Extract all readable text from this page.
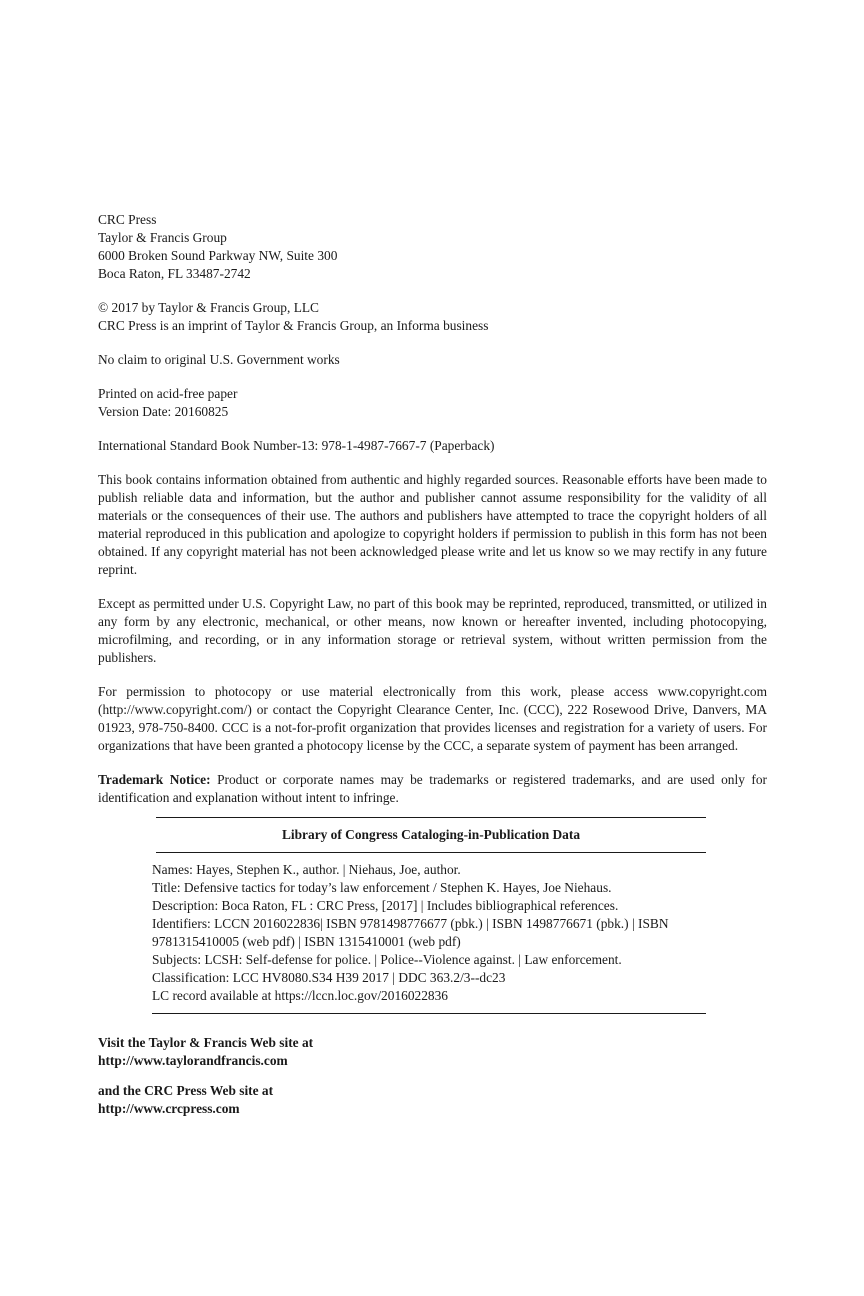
CRC Press
Taylor & Francis Group
6000 Broken Sound Parkway NW, Suite 300
Boca Raton, FL 33487-2742
© 2017 by Taylor & Francis Group, LLC
CRC Press is an imprint of Taylor & Francis Group, an Informa business
No claim to original U.S. Government works
Printed on acid-free paper
Version Date: 20160825
International Standard Book Number-13: 978-1-4987-7667-7 (Paperback)

This book contains information obtained from authentic and highly regarded sources. Reasonable efforts have been made to publish reliable data and information, but the author and publisher cannot assume responsibility for the validity of all materials or the consequences of their use. The authors and publishers have attempted to trace the copyright holders of all material reproduced in this publication and apologize to copyright holders if permission to publish in this form has not been obtained. If any copyright material has not been acknowledged please write and let us know so we may rectify in any future reprint.

Except as permitted under U.S. Copyright Law, no part of this book may be reprinted, reproduced, transmitted, or utilized in any form by any electronic, mechanical, or other means, now known or hereafter invented, including photocopying, microfilming, and recording, or in any information storage or retrieval system, without written permission from the publishers.

For permission to photocopy or use material electronically from this work, please access www.copyright.com (http://www.copyright.com/) or contact the Copyright Clearance Center, Inc. (CCC), 222 Rosewood Drive, Danvers, MA 01923, 978-750-8400. CCC is a not-for-profit organization that provides licenses and registration for a variety of users. For organizations that have been granted a photocopy license by the CCC, a separate system of payment has been arranged.

Trademark Notice: Product or corporate names may be trademarks or registered trademarks, and are used only for identification and explanation without intent to infringe.

Library of Congress Cataloging-in-Publication Data
Names: Hayes, Stephen K., author. | Niehaus, Joe, author.
Title: Defensive tactics for today’s law enforcement / Stephen K. Hayes, Joe Niehaus.
Description: Boca Raton, FL : CRC Press, [2017] | Includes bibliographical references.
Identifiers: LCCN 2016022836| ISBN 9781498776677 (pbk.) | ISBN 1498776671 (pbk.) | ISBN 9781315410005 (web pdf) | ISBN 1315410001 (web pdf)
Subjects: LCSH: Self-defense for police. | Police--Violence against. | Law enforcement.
Classification: LCC HV8080.S34 H39 2017 | DDC 363.2/3--dc23
LC record available at https://lccn.loc.gov/2016022836
Visit the Taylor & Francis Web site at
http://www.taylorandfrancis.com
and the CRC Press Web site at
http://www.crcpress.com
